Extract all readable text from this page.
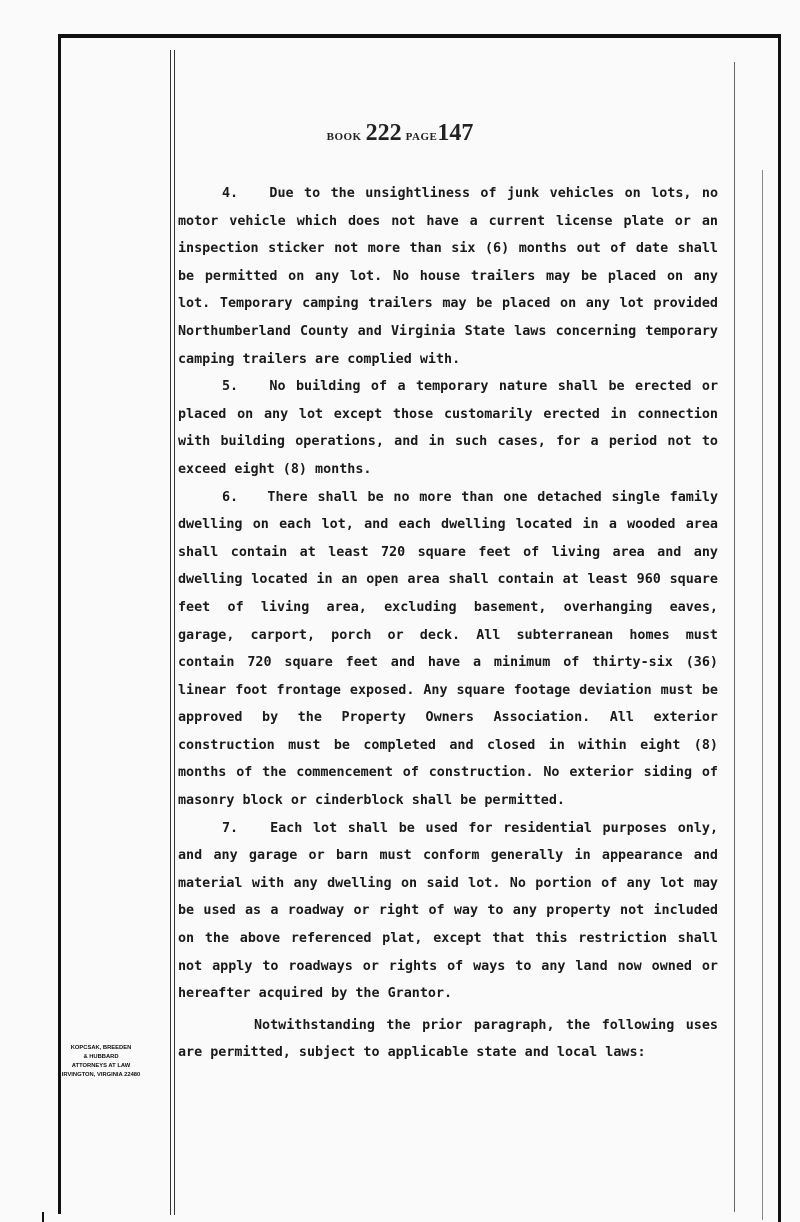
BOOK 222 PAGE147

4. Due to the unsightliness of junk vehicles on lots, no motor vehicle which does not have a current license plate or an inspection sticker not more than six (6) months out of date shall be permitted on any lot. No house trailers may be placed on any lot. Temporary camping trailers may be placed on any lot provided Northumberland County and Virginia State laws concerning temporary camping trailers are complied with.

5. No building of a temporary nature shall be erected or placed on any lot except those customarily erected in connection with building operations, and in such cases, for a period not to exceed eight (8) months.

6. There shall be no more than one detached single family dwelling on each lot, and each dwelling located in a wooded area shall contain at least 720 square feet of living area and any dwelling located in an open area shall contain at least 960 square feet of living area, excluding basement, overhanging eaves, garage, carport, porch or deck. All subterranean homes must contain 720 square feet and have a minimum of thirty-six (36) linear foot frontage exposed. Any square footage deviation must be approved by the Property Owners Association. All exterior construction must be completed and closed in within eight (8) months of the commencement of construction. No exterior siding of masonry block or cinderblock shall be permitted.

7. Each lot shall be used for residential purposes only, and any garage or barn must conform generally in appearance and material with any dwelling on said lot. No portion of any lot may be used as a roadway or right of way to any property not included on the above referenced plat, except that this restriction shall not apply to roadways or rights of ways to any land now owned or hereafter acquired by the Grantor.

Notwithstanding the prior paragraph, the following uses are permitted, subject to applicable state and local laws:

KOPCSAK, BREEDEN
& HUBBARD
ATTORNEYS AT LAW
IRVINGTON, VIRGINIA 22480
